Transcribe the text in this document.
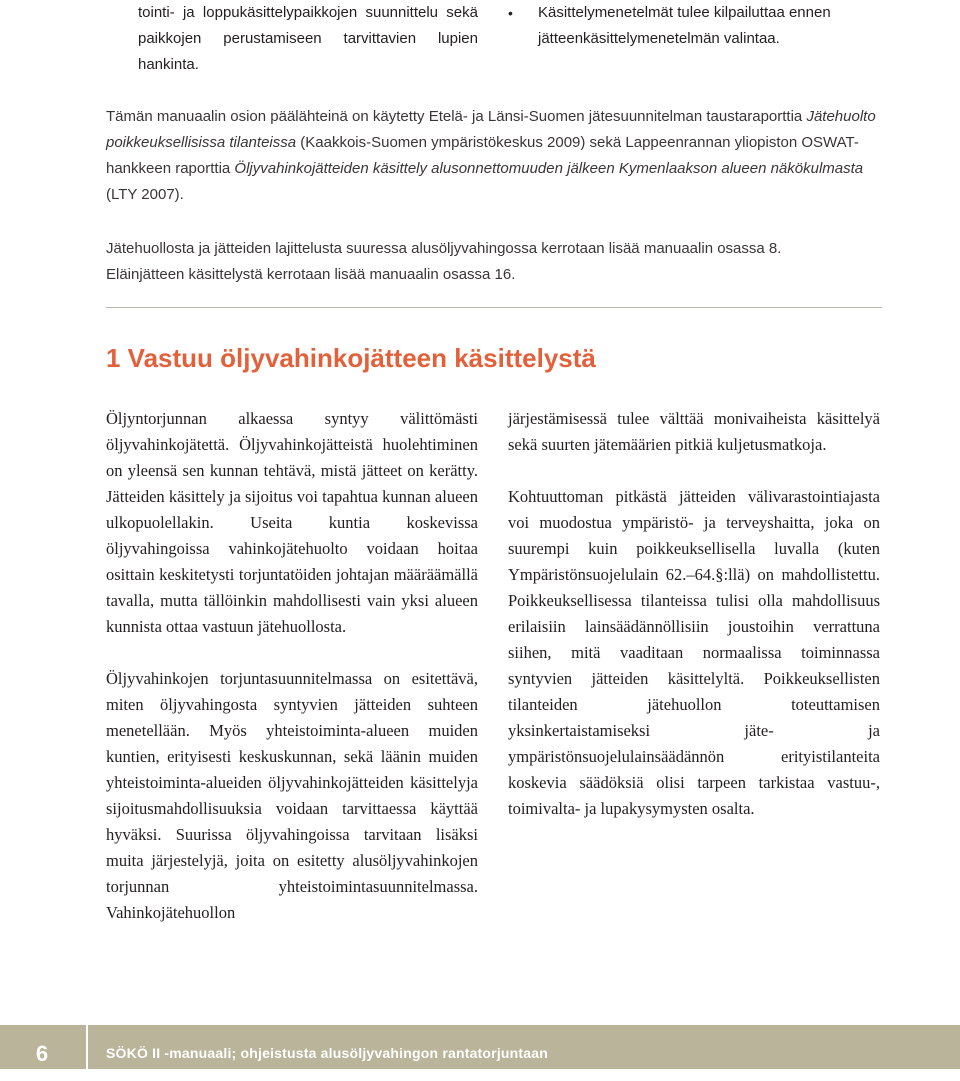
tointi- ja loppukäsittelypaikkojen suunnittelu sekä paikkojen perustamiseen tarvittavien lupien hankinta.
•	Käsittelymenetelmät tulee kilpailuttaa ennen jätteenkäsittelymenetelmän valintaa.

Tämän manuaalin osion päälähteinä on käytetty Etelä- ja Länsi-Suomen jätesuunnitelman taustaraporttia Jätehuolto poikkeuksellisissa tilanteissa (Kaakkois-Suomen ympäristökeskus 2009) sekä Lappeenrannan yliopiston OSWAT-hankkeen raporttia Öljyvahinkojätteiden käsittely alusonnettomuuden jälkeen Kymenlaakson alueen näkökulmasta (LTY 2007).

Jätehuollosta ja jätteiden lajittelusta suuressa alusöljyvahingossa kerrotaan lisää manuaalin osassa 8.

Eläinjätteen käsittelystä kerrotaan lisää manuaalin osassa 16.

1 Vastuu öljyvahinkojätteen käsittelystä

Öljyntorjunnan alkaessa syntyy välittömästi öljyvahinkojätettä. Öljyvahinkojätteistä huolehtiminen on yleensä sen kunnan tehtävä, mistä jätteet on kerätty. Jätteiden käsittely ja sijoitus voi tapahtua kunnan alueen ulkopuolellakin. Useita kuntia koskevissa öljyvahingoissa vahinkojätehuolto voidaan hoitaa osittain keskitetysti torjuntatöiden johtajan määräämällä tavalla, mutta tällöinkin mahdollisesti vain yksi alueen kunnista ottaa vastuun jätehuollosta.

Öljyvahinkojen torjuntasuunnitelmassa on esitettävä, miten öljyvahingosta syntyvien jätteiden suhteen menetellään. Myös yhteistoiminta-alueen muiden kuntien, erityisesti keskuskunnan, sekä läänin muiden yhteistoiminta-alueiden öljyvahinkojätteiden käsittelyja sijoitusmahdollisuuksia voidaan tarvittaessa käyttää hyväksi. Suurissa öljyvahingoissa tarvitaan lisäksi muita järjestelyjä, joita on esitetty alusöljyvahinkojen torjunnan yhteistoimintasuunnitelmassa. Vahinkojätehuollon

järjestämisessä tulee välttää monivaiheista käsittelyä sekä suurten jätemäärien pitkiä kuljetusmatkoja.

Kohtuuttoman pitkästä jätteiden välivarastointiajasta voi muodostua ympäristö- ja terveyshaitta, joka on suurempi kuin poikkeuksellisella luvalla (kuten Ympäristönsuojelulain 62.–64.§:llä) on mahdollistettu. Poikkeuksellisessa tilanteissa tulisi olla mahdollisuus erilaisiin lainsäädännöllisiin joustoihin verrattuna siihen, mitä vaaditaan normaalissa toiminnassa syntyvien jätteiden käsittelyltä. Poikkeuksellisten tilanteiden jätehuollon toteuttamisen yksinkertaistamiseksi jäte- ja ympäristönsuojelulainsäädännön erityistilanteita koskevia säädöksiä olisi tarpeen tarkistaa vastuu-, toimivalta- ja lupakysymysten osalta.

6	SÖKÖ II -manuaali; ohjeistusta alusöljyvahingon rantatorjuntaan
